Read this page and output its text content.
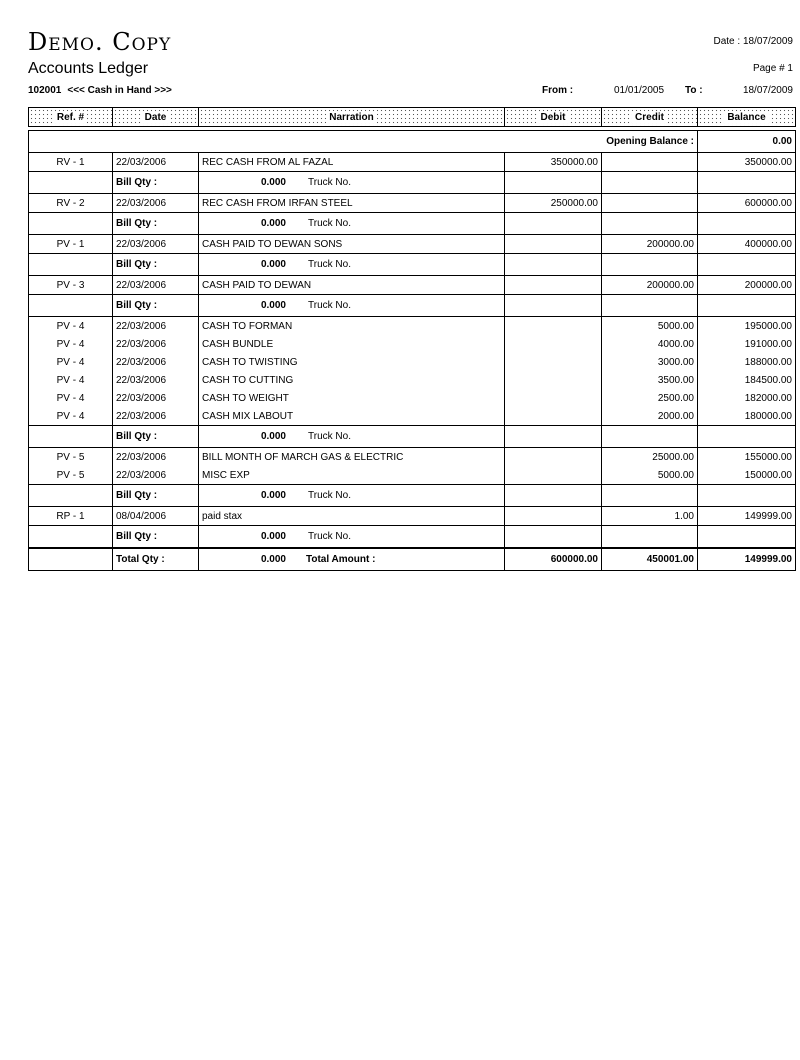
Demo. Copy
Accounts Ledger
Date : 18/07/2009
Page # 1
102001 <<< Cash in Hand >>>	From :	01/01/2005 To :	18/07/2009
Ref. #	Date	Narration	Debit	Credit	Balance

Opening Balance :					0.00
RV - 1	22/03/2006	REC CASH FROM AL FAZAL	350000.00		350000.00
	Bill Qty :	0.000 Truck No.			
RV - 2	22/03/2006	REC CASH FROM IRFAN STEEL	250000.00		600000.00
	Bill Qty :	0.000 Truck No.			
PV - 1	22/03/2006	CASH PAID TO DEWAN SONS		200000.00	400000.00
	Bill Qty :	0.000 Truck No.			
PV - 3	22/03/2006	CASH PAID TO DEWAN		200000.00	200000.00
	Bill Qty :	0.000 Truck No.			
PV - 4	22/03/2006	CASH TO FORMAN		5000.00	195000.00
PV - 4	22/03/2006	CASH BUNDLE		4000.00	191000.00
PV - 4	22/03/2006	CASH TO TWISTING		3000.00	188000.00
PV - 4	22/03/2006	CASH TO CUTTING		3500.00	184500.00
PV - 4	22/03/2006	CASH TO WEIGHT		2500.00	182000.00
PV - 4	22/03/2006	CASH MIX LABOUT		2000.00	180000.00
	Bill Qty :	0.000 Truck No.			
PV - 5	22/03/2006	BILL MONTH OF MARCH GAS & ELECTRIC		25000.00	155000.00
PV - 5	22/03/2006	MISC EXP		5000.00	150000.00
	Bill Qty :	0.000 Truck No.			
RP - 1	08/04/2006	paid stax		1.00	149999.00
	Bill Qty :	0.000 Truck No.			
	Total Qty :	0.000 Total Amount :	600000.00	450001.00	149999.00
